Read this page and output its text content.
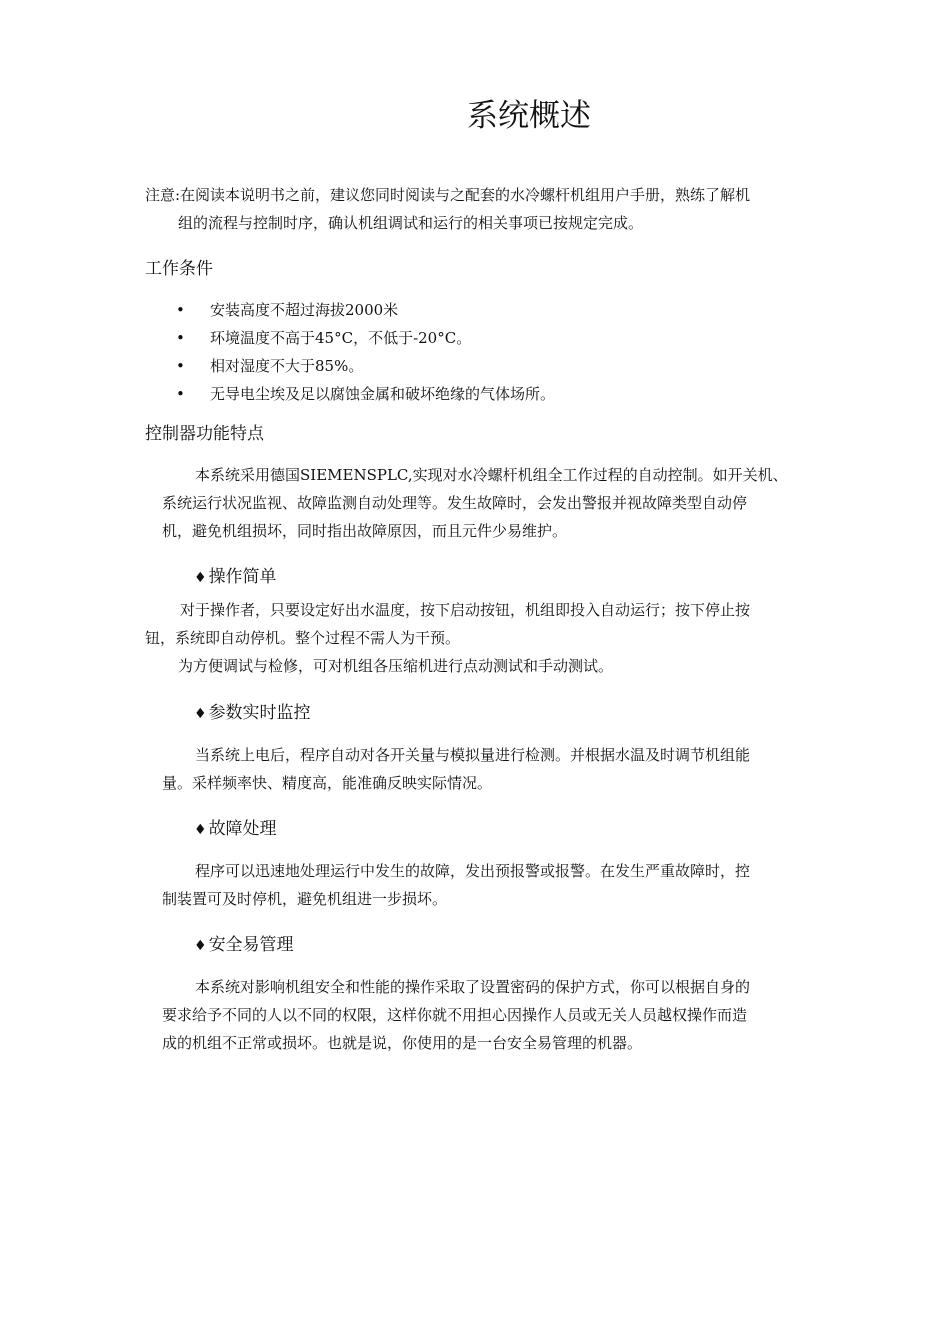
系统概述

注意:在阅读本说明书之前，建议您同时阅读与之配套的水冷螺杆机组用户手册，熟练了解机

组的流程与控制时序，确认机组调试和运行的相关事项已按规定完成。

工作条件
• 安装高度不超过海拔2000米
• 环境温度不高于45°C，不低于-20°C。
• 相对湿度不大于85%。
• 无导电尘埃及足以腐蚀金属和破坏绝缘的气体场所。
控制器功能特点

本系统采用德国SIEMENSPLC,实现对水冷螺杆机组全工作过程的自动控制。如开关机、

系统运行状况监视、故障监测自动处理等。发生故障时，会发出警报并视故障类型自动停

机，避免机组损坏，同时指出故障原因，而且元件少易维护。

♦ 操作简单

对于操作者，只要设定好出水温度，按下启动按钮，机组即投入自动运行；按下停止按

钮，系统即自动停机。整个过程不需人为干预。

为方便调试与检修，可对机组各压缩机进行点动测试和手动测试。

♦ 参数实时监控

当系统上电后，程序自动对各开关量与模拟量进行检测。并根据水温及时调节机组能

量。采样频率快、精度高，能准确反映实际情况。

♦ 故障处理

程序可以迅速地处理运行中发生的故障，发出预报警或报警。在发生严重故障时，控

制装置可及时停机，避免机组进一步损坏。

♦ 安全易管理

本系统对影响机组安全和性能的操作采取了设置密码的保护方式，你可以根据自身的

要求给予不同的人以不同的权限，这样你就不用担心因操作人员或无关人员越权操作而造

成的机组不正常或损坏。也就是说，你使用的是一台安全易管理的机器。
